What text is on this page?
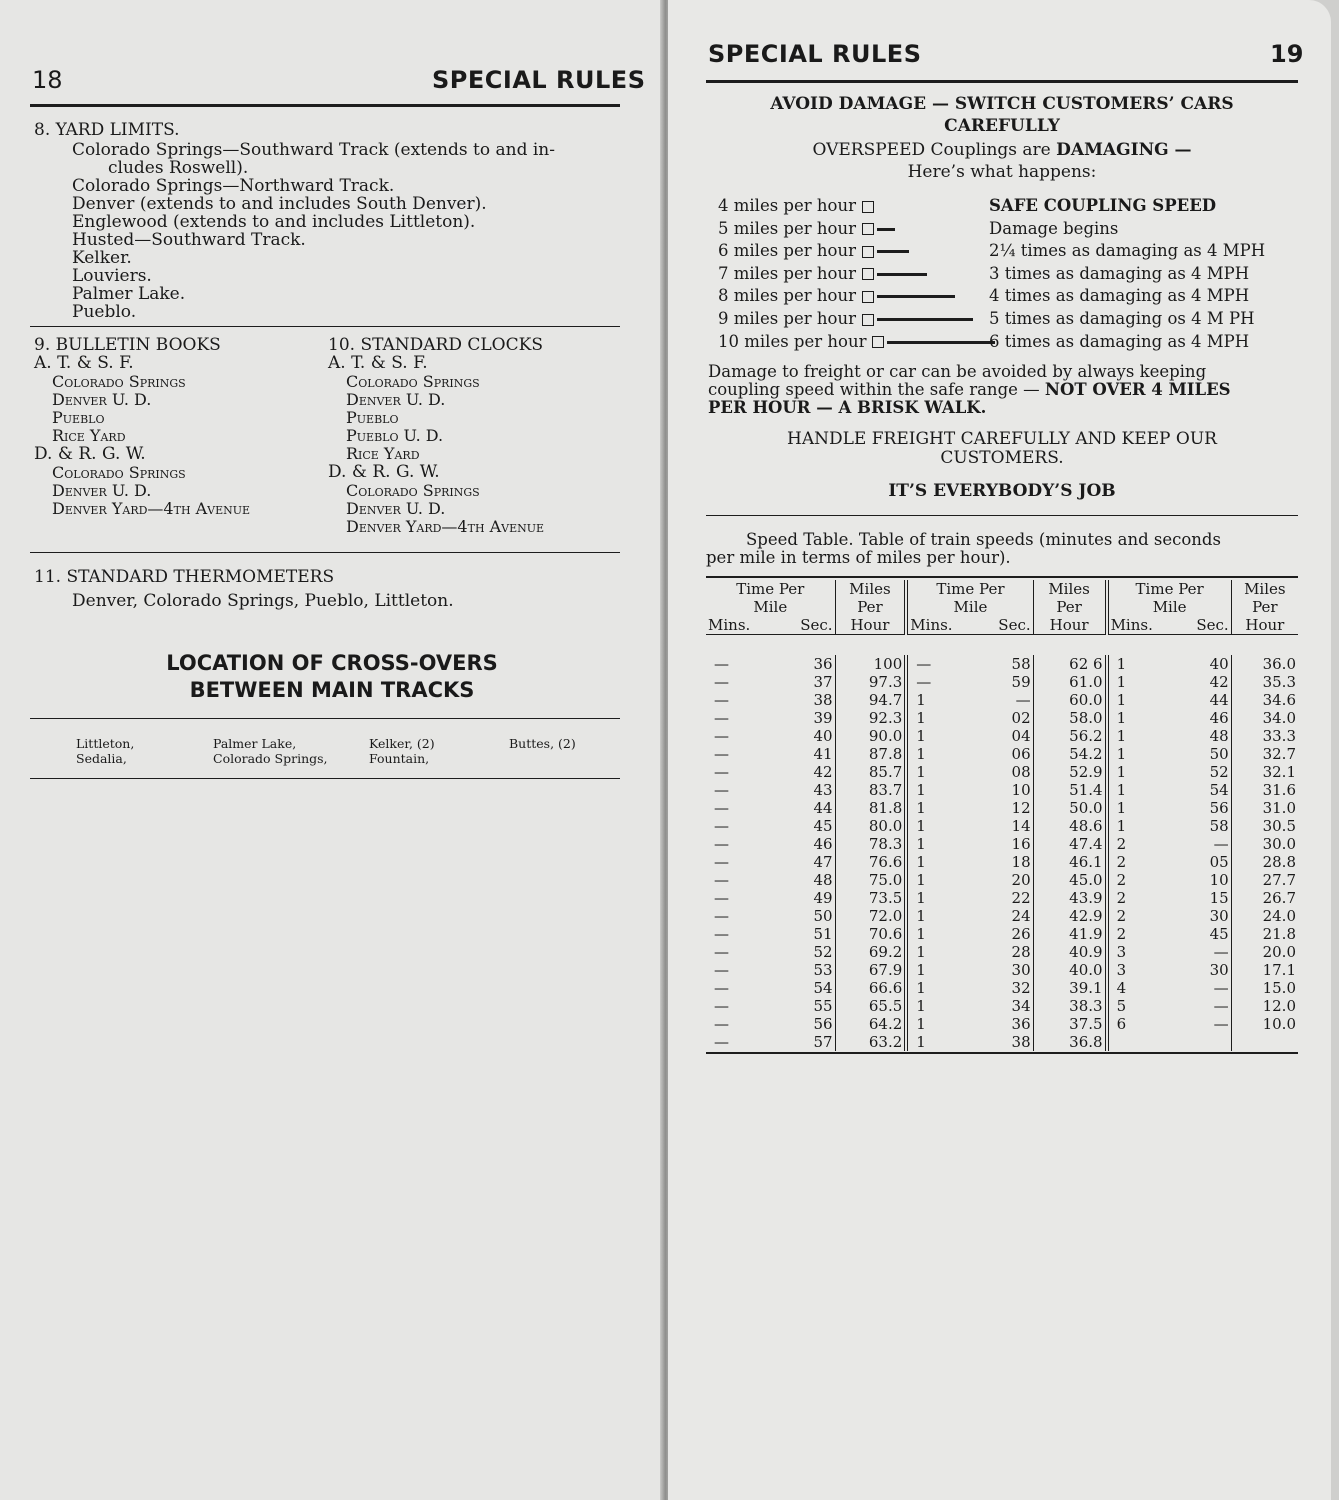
18	SPECIAL RULES
8. YARD LIMITS.
Colorado Springs—Southward Track (extends to and in-
cludes Roswell).
Colorado Springs—Northward Track.
Denver (extends to and includes South Denver).
Englewood (extends to and includes Littleton).
Husted—Southward Track.
Kelker.
Louviers.
Palmer Lake.
Pueblo.
9. BULLETIN BOOKS
A. T. & S. F.
Colorado Springs
Denver U. D.
Pueblo
Rice Yard
D. & R. G. W.
Colorado Springs
Denver U. D.
Denver Yard—4th Avenue
10. STANDARD CLOCKS
A. T. & S. F.
Colorado Springs
Denver U. D.
Pueblo
Pueblo U. D.
Rice Yard
D. & R. G. W.
Colorado Springs
Denver U. D.
Denver Yard—4th Avenue
11. STANDARD THERMOMETERS
Denver, Colorado Springs, Pueblo, Littleton.
LOCATION OF CROSS-OVERS
BETWEEN MAIN TRACKS
Littleton,
Sedalia,
Palmer Lake,
Colorado Springs,
Kelker, (2)
Fountain,
Buttes, (2)
SPECIAL RULES	19
AVOID DAMAGE — SWITCH CUSTOMERS’ CARS
CAREFULLY
OVERSPEED Couplings are DAMAGING —
Here’s what happens:
4 miles per hour	SAFE COUPLING SPEED
5 miles per hour	Damage begins
6 miles per hour	2¼ times as damaging as 4 MPH
7 miles per hour	3 times as damaging as 4 MPH
8 miles per hour	4 times as damaging as 4 MPH
9 miles per hour	5 times as damaging os 4 M PH
10 miles per hour	6 times as damaging as 4 MPH
Damage to freight or car can be avoided by always keeping
coupling speed within the safe range — NOT OVER 4 MILES
PER HOUR — A BRISK WALK.
HANDLE FREIGHT CAREFULLY AND KEEP OUR
CUSTOMERS.
IT’S EVERYBODY’S JOB
Speed Table. Table of train speeds (minutes and seconds
per mile in terms of miles per hour).
Time Per
Mile		Miles
Per
Hour	Time Per
Mile		Miles
Per
Hour	Time Per
Mile		Miles
Per
Hour
Mins.	Sec.		Mins.	Sec.		Mins.	Sec.	

—	36	100	—	58	62 6	1	40	36.0
—	37	97.3	—	59	61.0	1	42	35.3
—	38	94.7	1	—	60.0	1	44	34.6
—	39	92.3	1	02	58.0	1	46	34.0
—	40	90.0	1	04	56.2	1	48	33.3
—	41	87.8	1	06	54.2	1	50	32.7
—	42	85.7	1	08	52.9	1	52	32.1
—	43	83.7	1	10	51.4	1	54	31.6
—	44	81.8	1	12	50.0	1	56	31.0
—	45	80.0	1	14	48.6	1	58	30.5
—	46	78.3	1	16	47.4	2	—	30.0
—	47	76.6	1	18	46.1	2	05	28.8
—	48	75.0	1	20	45.0	2	10	27.7
—	49	73.5	1	22	43.9	2	15	26.7
—	50	72.0	1	24	42.9	2	30	24.0
—	51	70.6	1	26	41.9	2	45	21.8
—	52	69.2	1	28	40.9	3	—	20.0
—	53	67.9	1	30	40.0	3	30	17.1
—	54	66.6	1	32	39.1	4	—	15.0
—	55	65.5	1	34	38.3	5	—	12.0
—	56	64.2	1	36	37.5	6	—	10.0
—	57	63.2	1	38	36.8			
